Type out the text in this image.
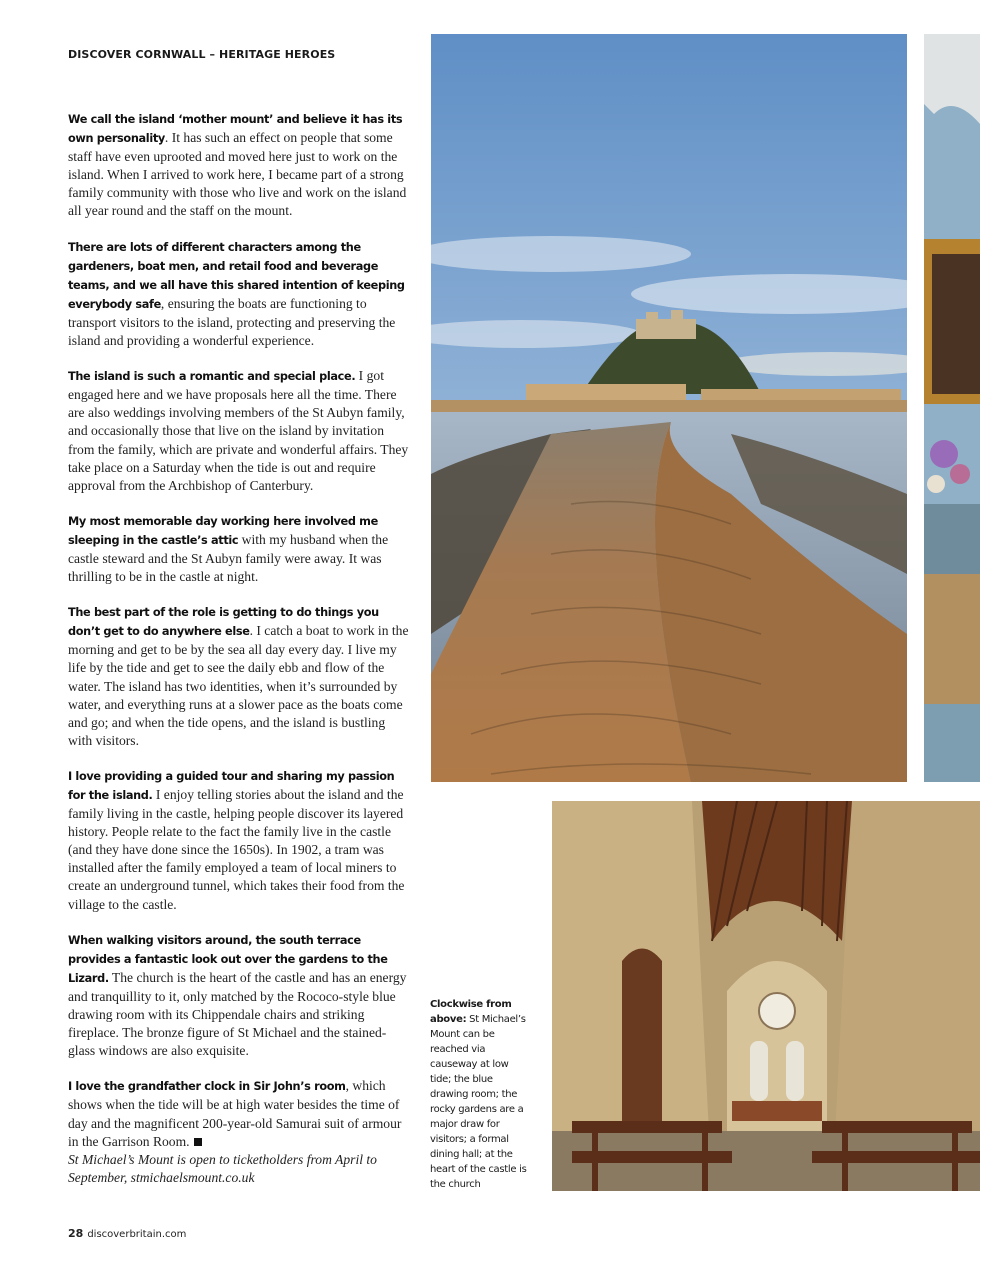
DISCOVER CORNWALL – HERITAGE HEROES

We call the island ‘mother mount’ and believe it has its own personality. It has such an effect on people that some staff have even uprooted and moved here just to work on the island. When I arrived to work here, I became part of a strong family community with those who live and work on the island all year round and the staff on the mount.

There are lots of different characters among the gardeners, boat men, and retail food and beverage teams, and we all have this shared intention of keeping everybody safe, ensuring the boats are functioning to transport visitors to the island, protecting and preserving the island and providing a wonderful experience.

The island is such a romantic and special place. I got engaged here and we have proposals here all the time. There are also weddings involving members of the St Aubyn family, and occasionally those that live on the island by invitation from the family, which are private and wonderful affairs. They take place on a Saturday when the tide is out and require approval from the Archbishop of Canterbury.

My most memorable day working here involved me sleeping in the castle’s attic with my husband when the castle steward and the St Aubyn family were away. It was thrilling to be in the castle at night.

The best part of the role is getting to do things you don’t get to do anywhere else. I catch a boat to work in the morning and get to be by the sea all day every day. I live my life by the tide and get to see the daily ebb and flow of the water. The island has two identities, when it’s surrounded by water, and everything runs at a slower pace as the boats come and go; and when the tide opens, and the island is bustling with visitors.

I love providing a guided tour and sharing my passion for the island. I enjoy telling stories about the island and the family living in the castle, helping people discover its layered history. People relate to the fact the family live in the castle (and they have done since the 1650s). In 1902, a tram was installed after the family employed a team of local miners to create an underground tunnel, which takes their food from the village to the castle.

When walking visitors around, the south terrace provides a fantastic look out over the gardens to the Lizard. The church is the heart of the castle and has an energy and tranquillity to it, only matched by the Rococo-style blue drawing room with its Chippendale chairs and striking fireplace. The bronze figure of St Michael and the stained-glass windows are also exquisite.

I love the grandfather clock in Sir John’s room, which shows when the tide will be at high water besides the time of day and the magnificent 200-year-old Samurai suit of armour in the Garrison Room.

St Michael’s Mount is open to ticketholders from April to September, stmichaelsmount.co.uk

Clockwise from above: St Michael’s Mount can be reached via causeway at low tide; the blue drawing room; the rocky gardens are a major draw for visitors; a formal dining hall; at the heart of the castle is the church
28 discoverbritain.com
